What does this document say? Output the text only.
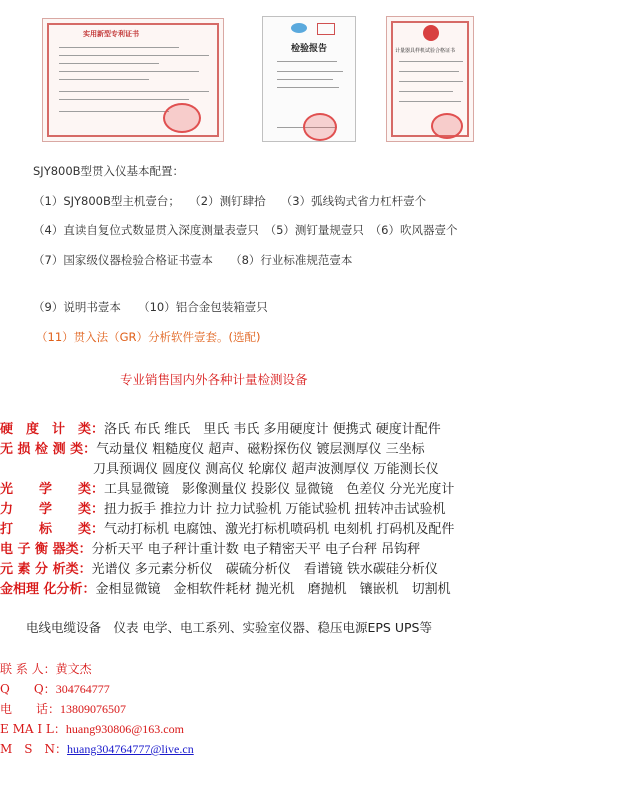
实用新型专利证书
检验报告	计量器具样机试验合格证书
SJY800B型贯入仪基本配置：
（1）SJY800B型主机壹台；　 （2）测钉肆拾　 （3）弧线钩式省力杠杆壹个
（4）直读自复位式数显贯入深度测量表壹只　（5）测钉量规壹只　（6）吹风器壹个
（7）国家级仪器检验合格证书壹本　　（8）行业标准规范壹本
（9）说明书壹本　　（10）铝合金包装箱壹只
（11）贯入法（GR）分析软件壹套。(选配)
专业销售国内外各种计量检测设备
硬　度　计　类：洛氏 布氏 维氏　里氏 韦氏 多用硬度计 便携式 硬度计配件
无 损 检 测 类：气动量仪 粗糙度仪 超声、磁粉探伤仪 镀层测厚仪 三坐标
刀具预调仪 圆度仪 测高仪 轮廓仪 超声波测厚仪 万能测长仪
光　　学　　类：工具显微镜　影像测量仪 投影仪 显微镜　色差仪 分光光度计
力　　学　　类：扭力扳手 推拉力计 拉力试验机 万能试验机 扭转冲击试验机
打　　标　　类：气动打标机 电腐蚀、激光打标机喷码机 电刻机 打码机及配件
电 子 衡 器类：分析天平 电子秤计重计数 电子精密天平 电子台秤 吊钩秤
元 素 分 析类：光谱仪 多元素分析仪　碳硫分析仪　看谱镜 铁水碳硅分析仪
金相理 化分析：金相显微镜　金相软件耗材 抛光机　磨抛机　镶嵌机　切割机
电线电缆设备　仪表 电学、电工系列、实验室仪器、稳压电源EPS UPS等
联 系 人：黄文杰
Q　　Q：304764777
电　　话：13809076507
E MA I L：huang930806@163.com
M　S　N：huang304764777@live.cn
